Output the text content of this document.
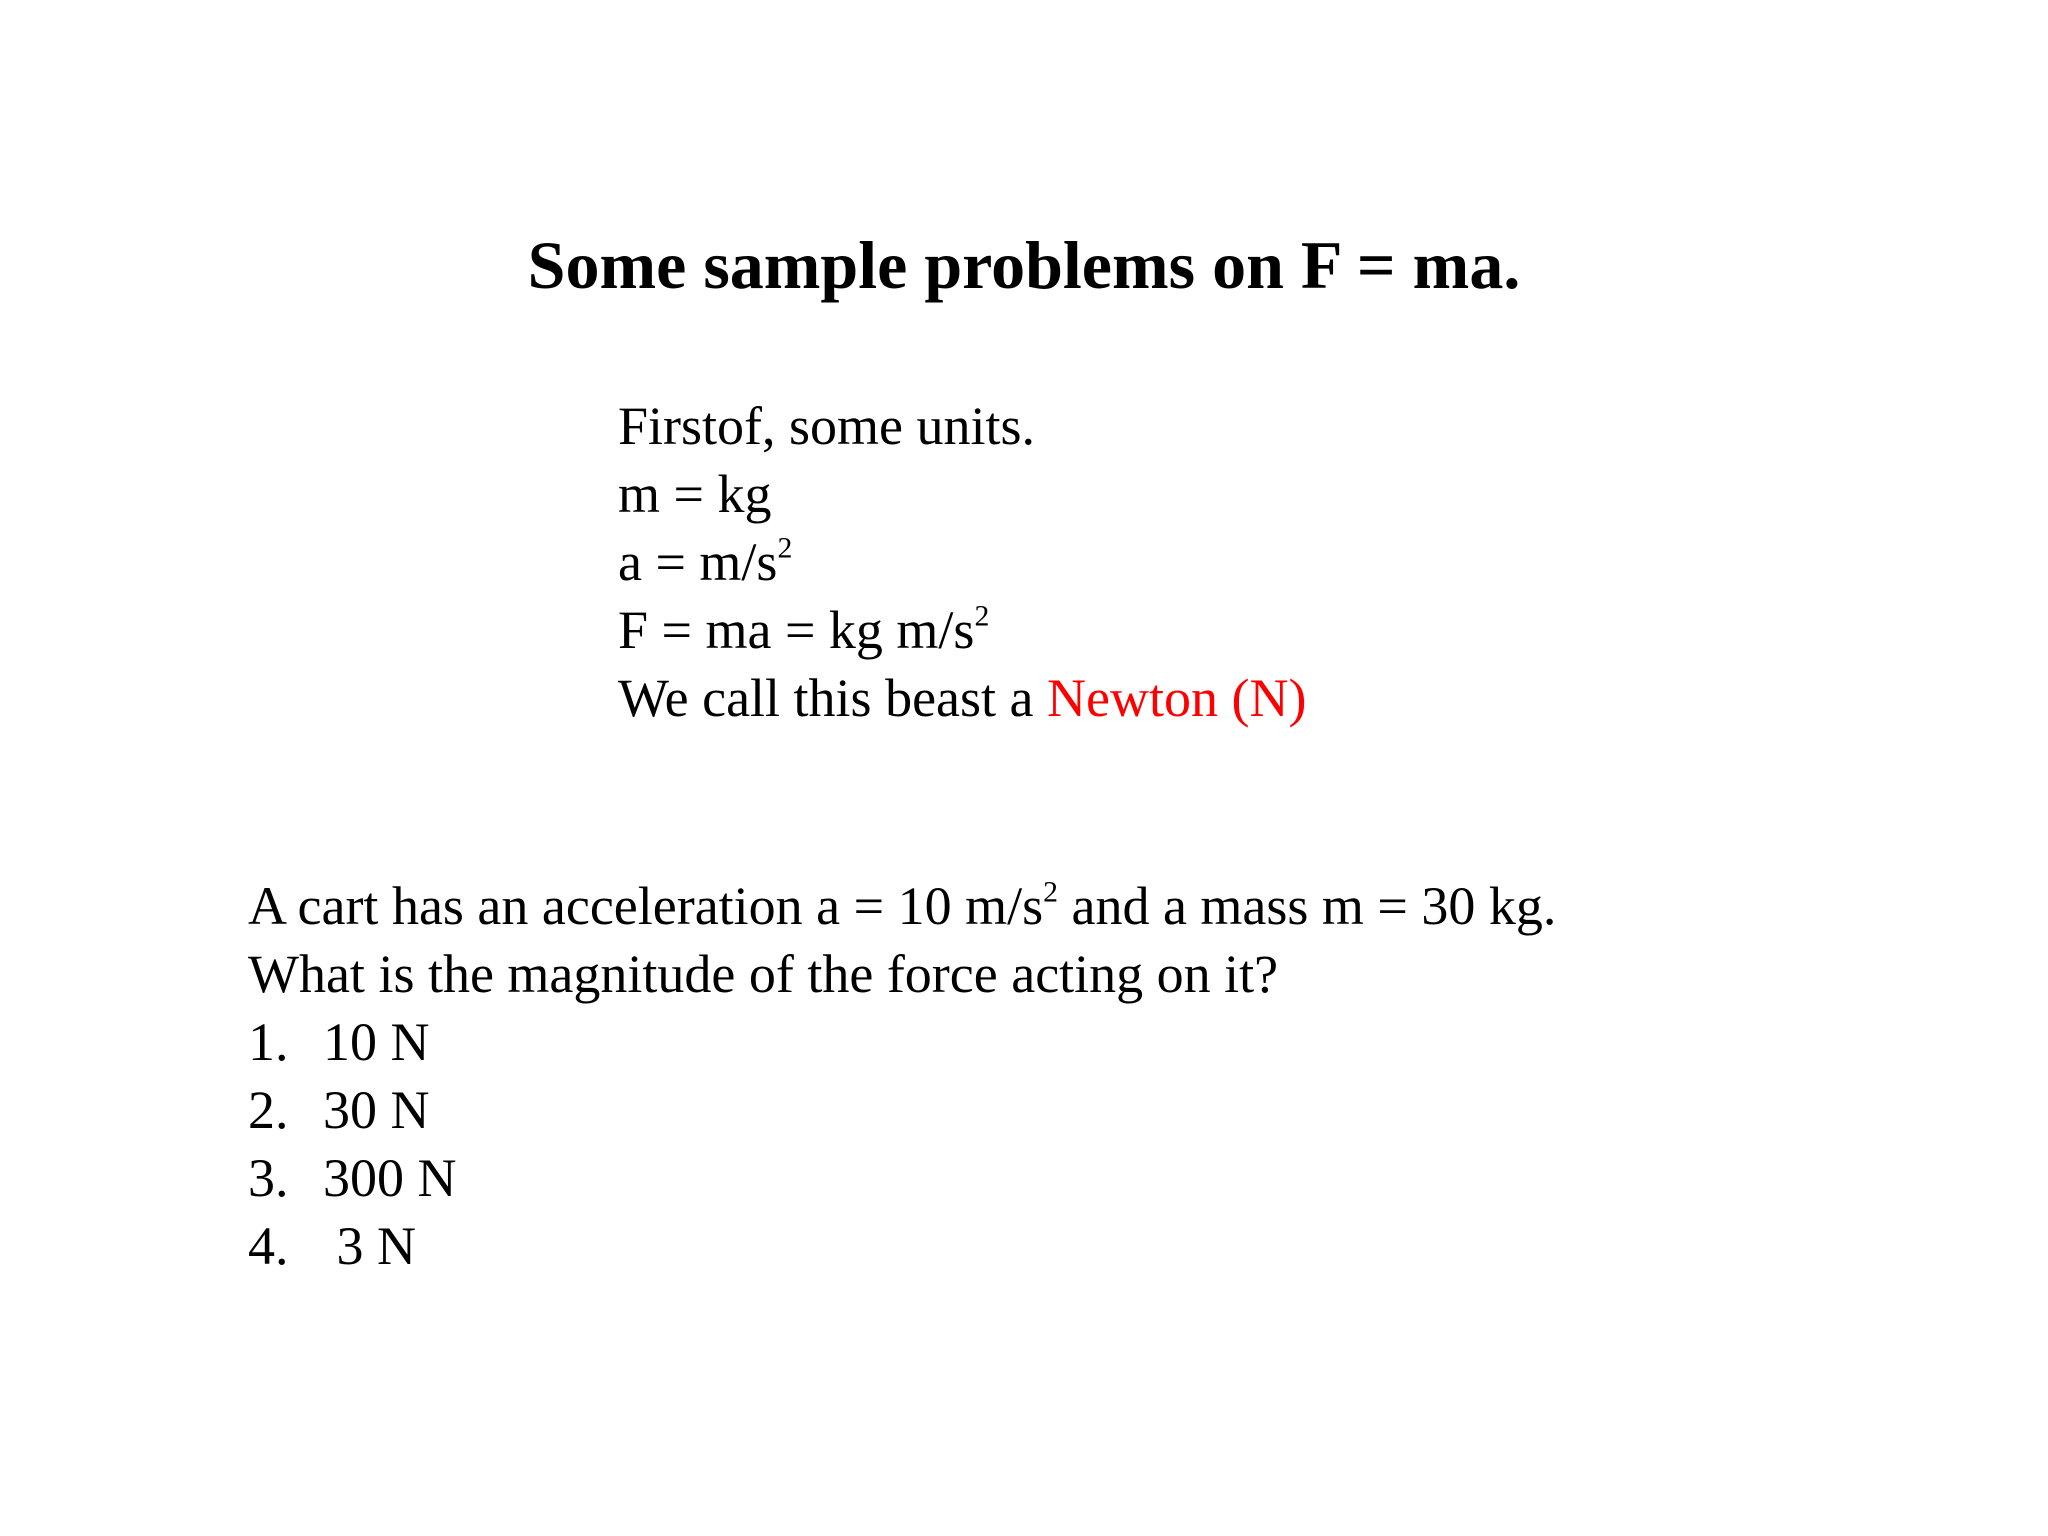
Some sample problems on F = ma.
Firstof, some units.
m = kg
$a = m/s^2$
F = ma = kg $m/s^2$
We call this beast a Newton (N)
A cart has an acceleration a = 10 $m/s^2$ and a mass m = 30 kg.
What is the magnitude of the force acting on it?
1. 10 N
2. 30 N
3. 300 N
4. 3 N
